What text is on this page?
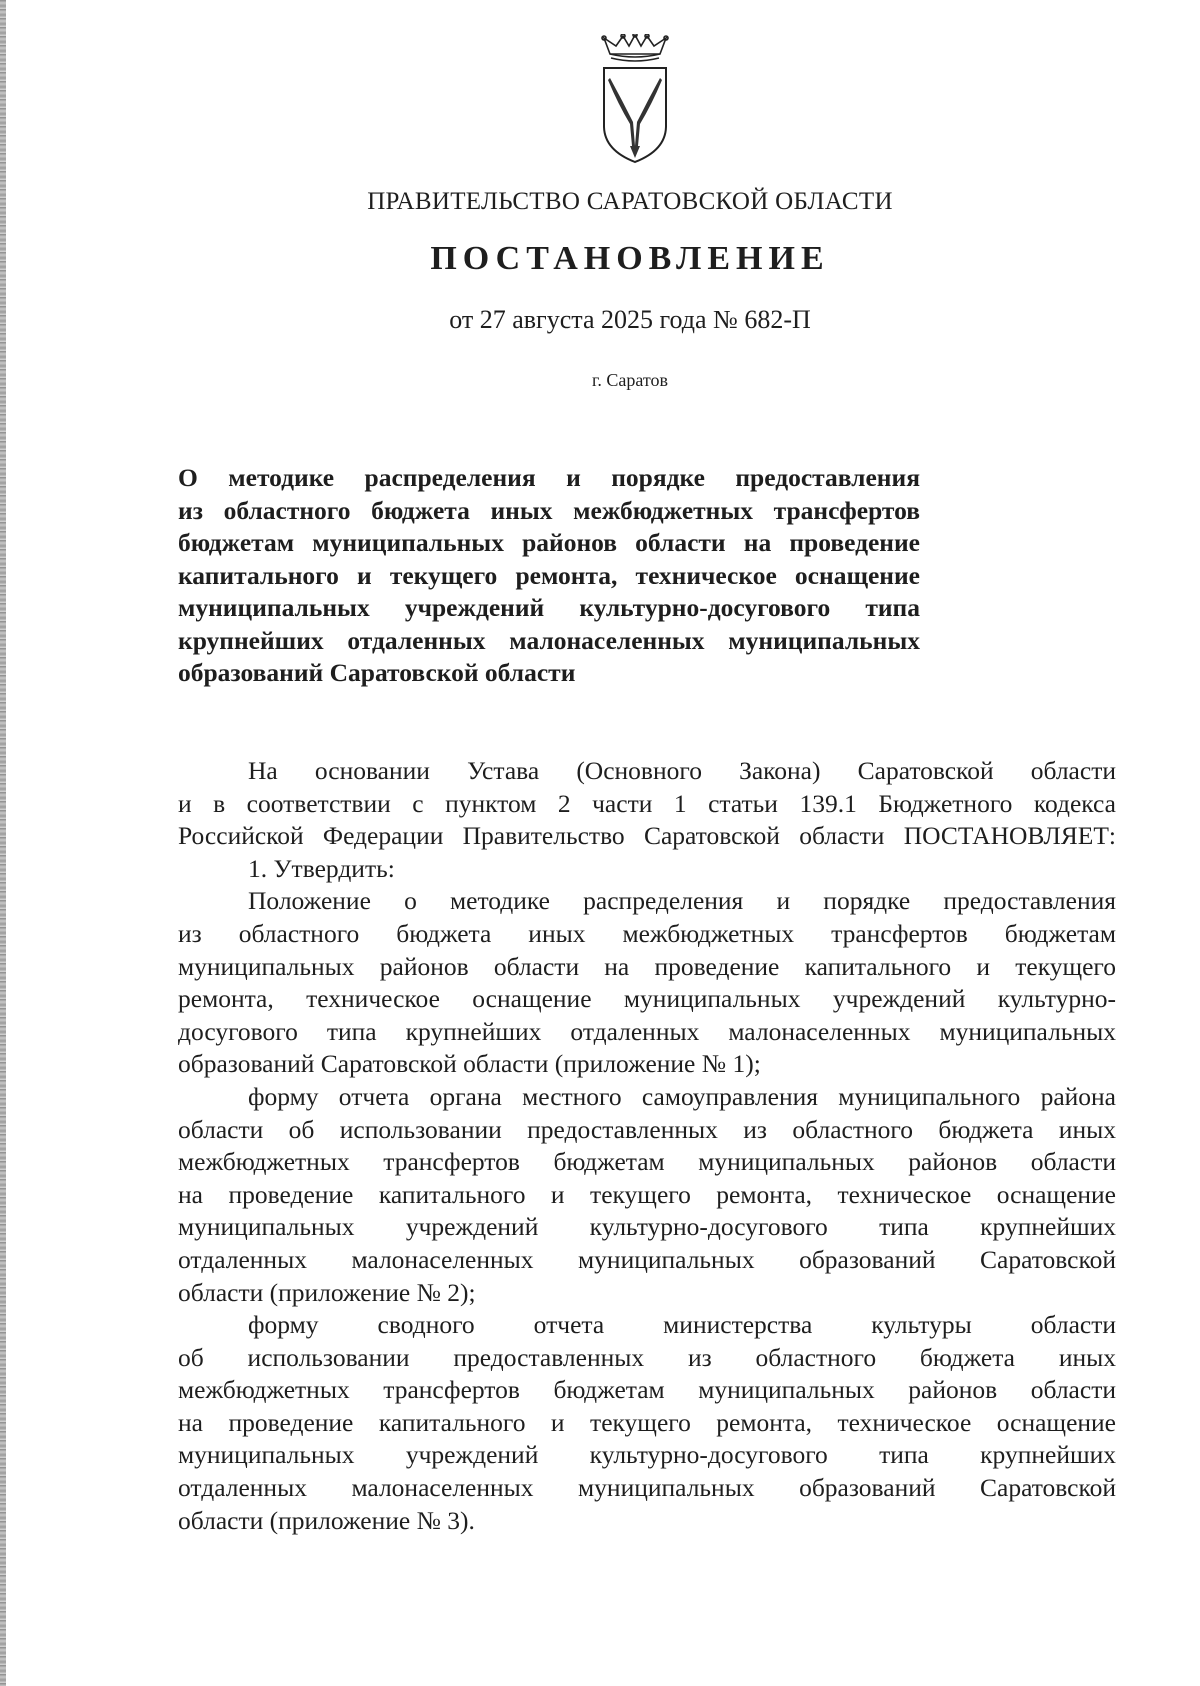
ПРАВИТЕЛЬСТВО САРАТОВСКОЙ ОБЛАСТИ
ПОСТАНОВЛЕНИЕ
от 27 августа 2025 года № 682-П
г. Саратов
О методике распределения и порядке предоставления
из областного бюджета иных межбюджетных трансфертов
бюджетам муниципальных районов области на проведение
капитального и текущего ремонта, техническое оснащение
муниципальных учреждений культурно-досугового типа
крупнейших отдаленных малонаселенных муниципальных
образований Саратовской области
На основании Устава (Основного Закона) Саратовской области
и в соответствии с пунктом 2 части 1 статьи 139.1 Бюджетного кодекса
Российской Федерации Правительство Саратовской области ПОСТАНОВЛЯЕТ:
1. Утвердить:
Положение о методике распределения и порядке предоставления
из областного бюджета иных межбюджетных трансфертов бюджетам
муниципальных районов области на проведение капитального и текущего
ремонта, техническое оснащение муниципальных учреждений культурно-
досугового типа крупнейших отдаленных малонаселенных муниципальных
образований Саратовской области (приложение № 1);
форму отчета органа местного самоуправления муниципального района
области об использовании предоставленных из областного бюджета иных
межбюджетных трансфертов бюджетам муниципальных районов области
на проведение капитального и текущего ремонта, техническое оснащение
муниципальных учреждений культурно-досугового типа крупнейших
отдаленных малонаселенных муниципальных образований Саратовской
области (приложение № 2);
форму сводного отчета министерства культуры области
об использовании предоставленных из областного бюджета иных
межбюджетных трансфертов бюджетам муниципальных районов области
на проведение капитального и текущего ремонта, техническое оснащение
муниципальных учреждений культурно-досугового типа крупнейших
отдаленных малонаселенных муниципальных образований Саратовской
области (приложение № 3).
